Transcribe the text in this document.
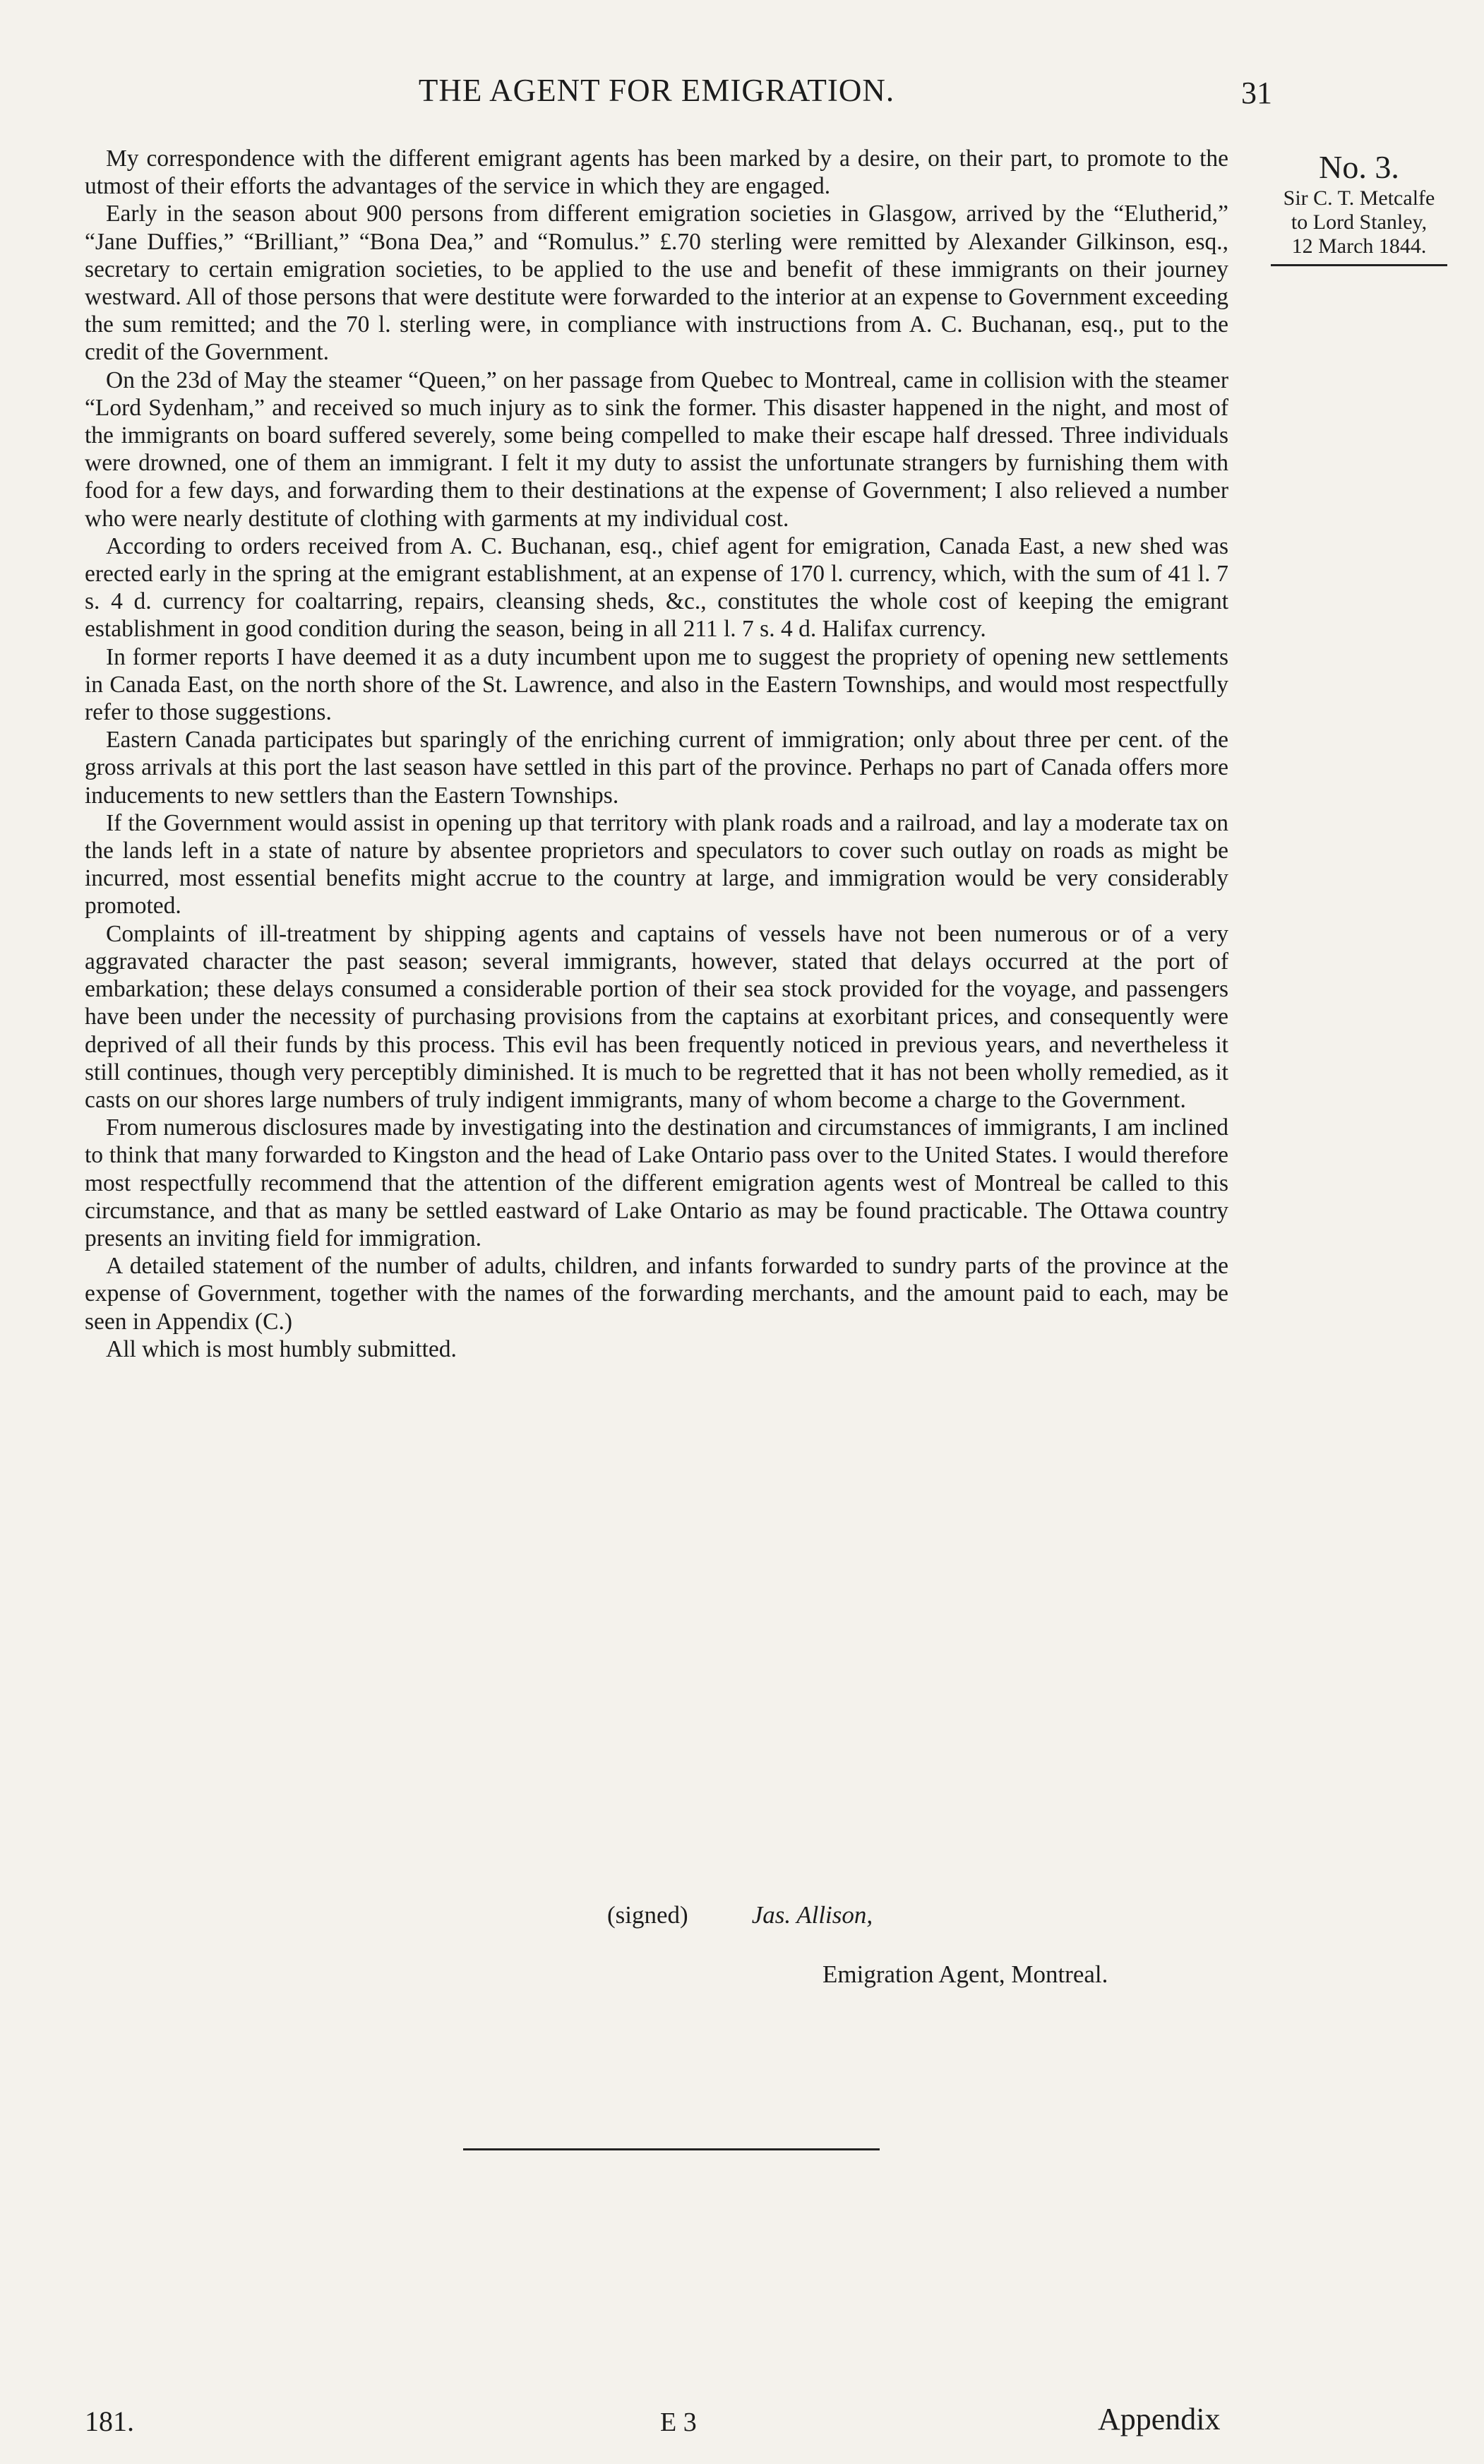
THE AGENT FOR EMIGRATION.	31
No. 3.
Sir C. T. Metcalfe
to Lord Stanley,
12 March 1844.

My correspondence with the different emigrant agents has been marked by a desire, on their part, to promote to the utmost of their efforts the advantages of the service in which they are engaged.

Early in the season about 900 persons from different emigration societies in Glasgow, arrived by the “Elutherid,” “Jane Duffies,” “Brilliant,” “Bona Dea,” and “Romulus.” £.70 sterling were remitted by Alexander Gilkinson, esq., secretary to certain emigration societies, to be applied to the use and benefit of these immigrants on their journey westward. All of those persons that were destitute were forwarded to the interior at an expense to Government exceeding the sum remitted; and the 70 l. sterling were, in compliance with instructions from A. C. Buchanan, esq., put to the credit of the Government.

On the 23d of May the steamer “Queen,” on her passage from Quebec to Montreal, came in collision with the steamer “Lord Sydenham,” and received so much injury as to sink the former. This disaster happened in the night, and most of the immigrants on board suffered severely, some being compelled to make their escape half dressed. Three individuals were drowned, one of them an immigrant. I felt it my duty to assist the unfortunate strangers by furnishing them with food for a few days, and forwarding them to their destinations at the expense of Government; I also relieved a number who were nearly destitute of clothing with garments at my individual cost.

According to orders received from A. C. Buchanan, esq., chief agent for emigration, Canada East, a new shed was erected early in the spring at the emigrant establishment, at an expense of 170 l. currency, which, with the sum of 41 l. 7 s. 4 d. currency for coaltarring, repairs, cleansing sheds, &c., constitutes the whole cost of keeping the emigrant establishment in good condition during the season, being in all 211 l. 7 s. 4 d. Halifax currency.

In former reports I have deemed it as a duty incumbent upon me to suggest the propriety of opening new settlements in Canada East, on the north shore of the St. Lawrence, and also in the Eastern Townships, and would most respectfully refer to those suggestions.

Eastern Canada participates but sparingly of the enriching current of immigration; only about three per cent. of the gross arrivals at this port the last season have settled in this part of the province. Perhaps no part of Canada offers more inducements to new settlers than the Eastern Townships.

If the Government would assist in opening up that territory with plank roads and a railroad, and lay a moderate tax on the lands left in a state of nature by absentee proprietors and speculators to cover such outlay on roads as might be incurred, most essential benefits might accrue to the country at large, and immigration would be very considerably promoted.

Complaints of ill-treatment by shipping agents and captains of vessels have not been numerous or of a very aggravated character the past season; several immigrants, however, stated that delays occurred at the port of embarkation; these delays consumed a considerable portion of their sea stock provided for the voyage, and passengers have been under the necessity of purchasing provisions from the captains at exorbitant prices, and consequently were deprived of all their funds by this process. This evil has been frequently noticed in previous years, and nevertheless it still continues, though very perceptibly diminished. It is much to be regretted that it has not been wholly remedied, as it casts on our shores large numbers of truly indigent immigrants, many of whom become a charge to the Government.

From numerous disclosures made by investigating into the destination and circumstances of immigrants, I am inclined to think that many forwarded to Kingston and the head of Lake Ontario pass over to the United States. I would therefore most respectfully recommend that the attention of the different emigration agents west of Montreal be called to this circumstance, and that as many be settled eastward of Lake Ontario as may be found practicable. The Ottawa country presents an inviting field for immigration.

A detailed statement of the number of adults, children, and infants forwarded to sundry parts of the province at the expense of Government, together with the names of the forwarding merchants, and the amount paid to each, may be seen in Appendix (C.)

All which is most humbly submitted.

(signed)	Jas. Allison,
Emigration Agent, Montreal.
181.	E 3	Appendix
